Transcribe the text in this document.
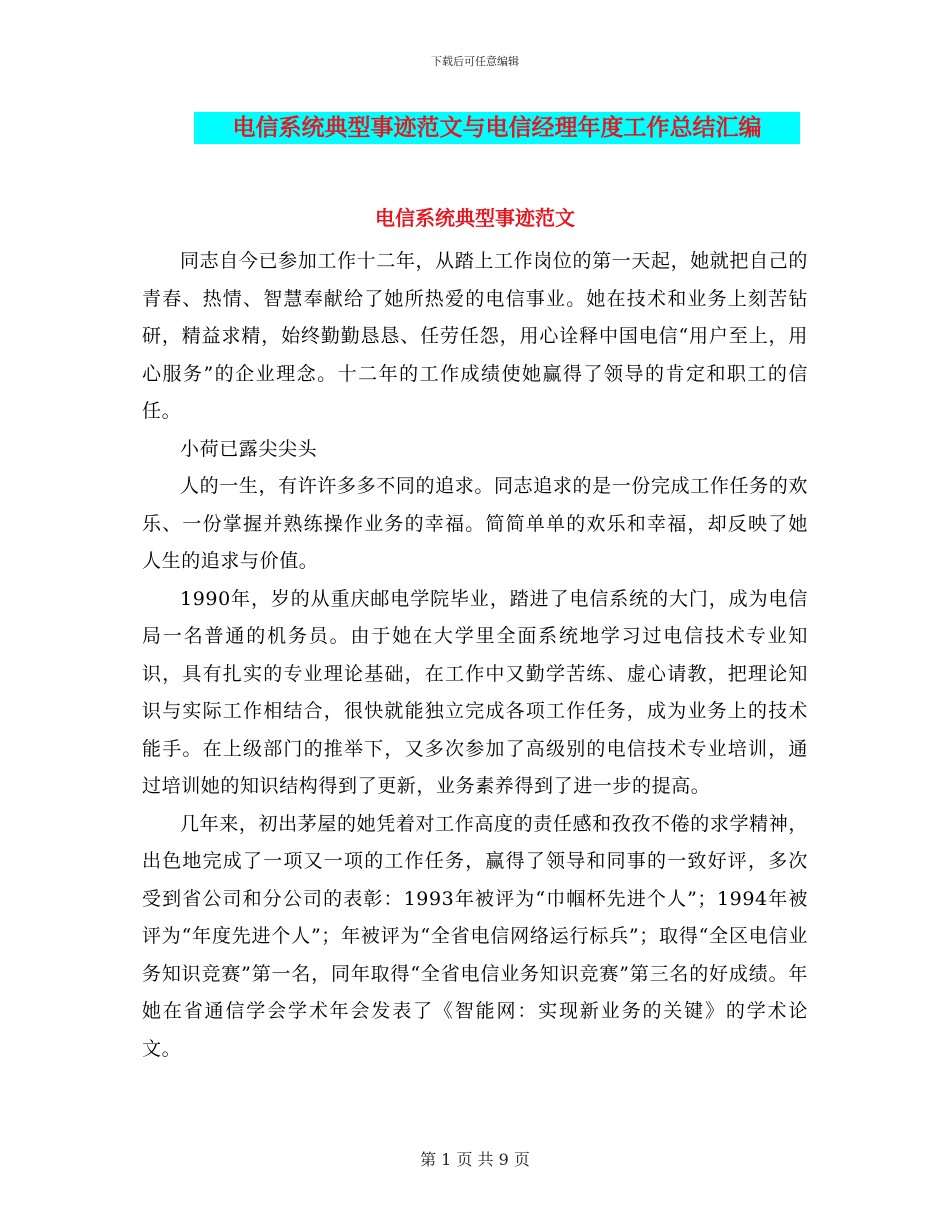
下载后可任意编辑
电信系统典型事迹范文与电信经理年度工作总结汇编
电信系统典型事迹范文

同志自今已参加工作十二年，从踏上工作岗位的第一天起，她就把自己的青春、热情、智慧奉献给了她所热爱的电信事业。她在技术和业务上刻苦钻研，精益求精，始终勤勤恳恳、任劳任怨，用心诠释中国电信“用户至上，用心服务”的企业理念。十二年的工作成绩使她赢得了领导的肯定和职工的信任。

小荷已露尖尖头

人的一生，有许许多多不同的追求。同志追求的是一份完成工作任务的欢乐、一份掌握并熟练操作业务的幸福。简简单单的欢乐和幸福，却反映了她人生的追求与价值。

1990年，岁的从重庆邮电学院毕业，踏进了电信系统的大门，成为电信局一名普通的机务员。由于她在大学里全面系统地学习过电信技术专业知识，具有扎实的专业理论基础，在工作中又勤学苦练、虚心请教，把理论知识与实际工作相结合，很快就能独立完成各项工作任务，成为业务上的技术能手。在上级部门的推举下，又多次参加了高级别的电信技术专业培训，通过培训她的知识结构得到了更新，业务素养得到了进一步的提高。

几年来，初出茅屋的她凭着对工作高度的责任感和孜孜不倦的求学精神，出色地完成了一项又一项的工作任务，赢得了领导和同事的一致好评，多次受到省公司和分公司的表彰：1993年被评为“巾帼杯先进个人”；1994年被评为“年度先进个人”；年被评为“全省电信网络运行标兵”；取得“全区电信业务知识竞赛”第一名，同年取得“全省电信业务知识竞赛”第三名的好成绩。年她在省通信学会学术年会发表了《智能网：实现新业务的关键》的学术论文。

第 1 页 共 9 页
